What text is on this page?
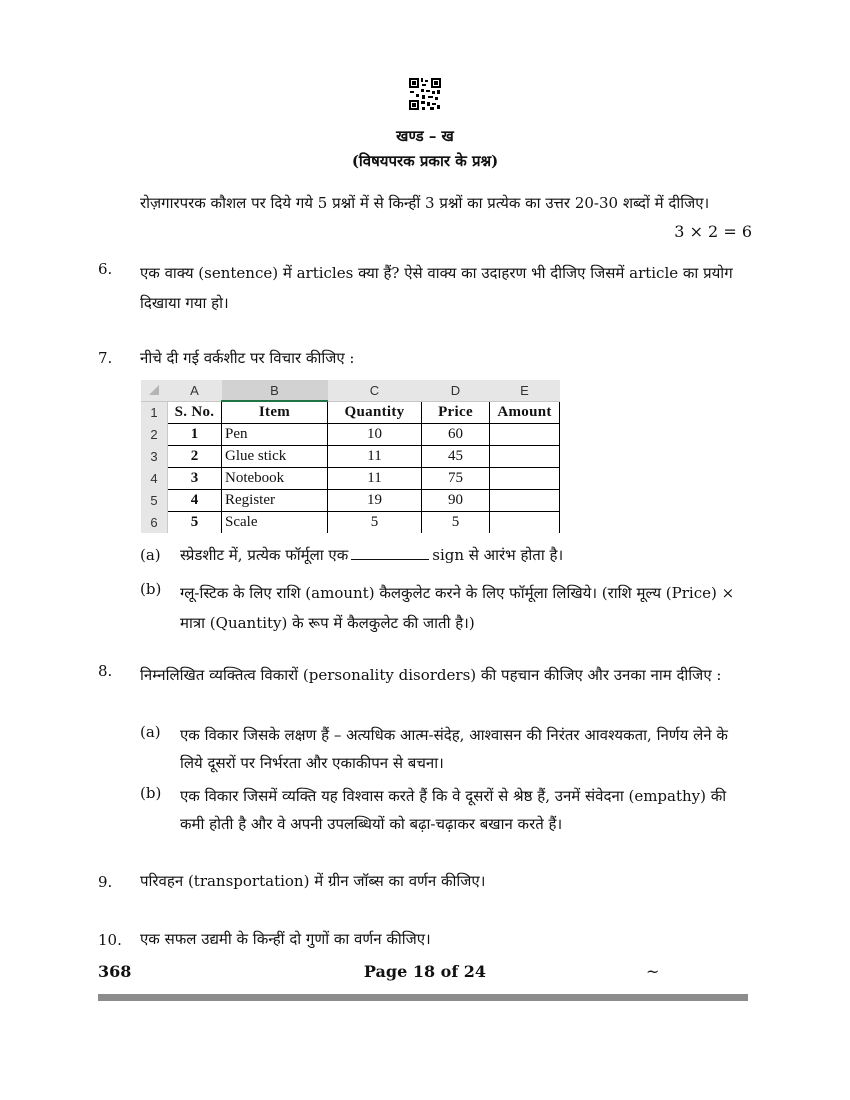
खण्ड – ख
(विषयपरक प्रकार के प्रश्न)
रोज़गारपरक कौशल पर दिये गये 5 प्रश्नों में से किन्हीं 3 प्रश्नों का प्रत्येक का उत्तर 20-30 शब्दों में दीजिए।
3 × 2 = 6
6. एक वाक्य (sentence) में articles क्या हैं? ऐसे वाक्य का उदाहरण भी दीजिए जिसमें article का प्रयोग दिखाया गया हो।
7. नीचे दी गई वर्कशीट पर विचार कीजिए :
	A	B	C	D	E
1	S. No.	Item	Quantity	Price	Amount
2	1	Pen	10	60	
3	2	Glue stick	11	45	
4	3	Notebook	11	75	
5	4	Register	19	90	
6	5	Scale	5	5	
(a) स्प्रेडशीट में, प्रत्येक फॉर्मूला एक	sign से आरंभ होता है।
(b) ग्लू-स्टिक के लिए राशि (amount) कैलकुलेट करने के लिए फॉर्मूला लिखिये। (राशि मूल्य (Price) × मात्रा (Quantity) के रूप में कैलकुलेट की जाती है।)
8. निम्नलिखित व्यक्तित्व विकारों (personality disorders) की पहचान कीजिए और उनका नाम दीजिए :
(a) एक विकार जिसके लक्षण हैं – अत्यधिक आत्म-संदेह, आश्वासन की निरंतर आवश्यकता, निर्णय लेने के लिये दूसरों पर निर्भरता और एकाकीपन से बचना।
(b) एक विकार जिसमें व्यक्ति यह विश्वास करते हैं कि वे दूसरों से श्रेष्ठ हैं, उनमें संवेदना (empathy) की कमी होती है और वे अपनी उपलब्धियों को बढ़ा-चढ़ाकर बखान करते हैं।
9. परिवहन (transportation) में ग्रीन जॉब्स का वर्णन कीजिए।
10. एक सफल उद्यमी के किन्हीं दो गुणों का वर्णन कीजिए।
368	Page 18 of 24	~
